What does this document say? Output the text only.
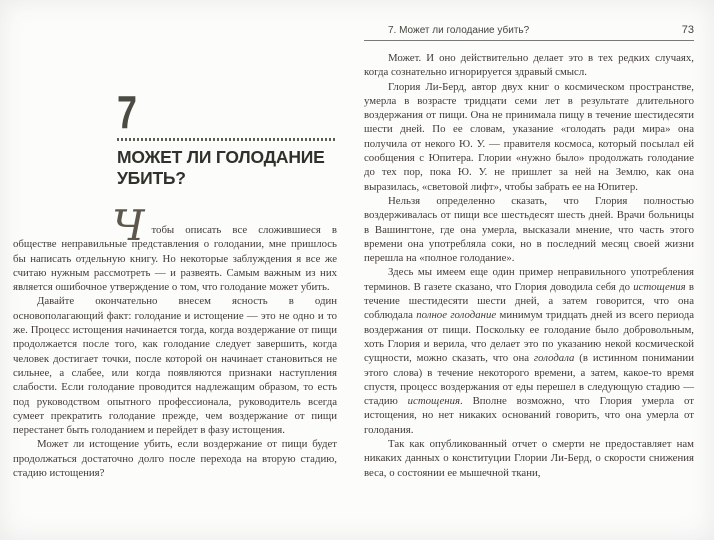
7
МОЖЕТ ЛИ ГОЛОДАНИЕ
УБИТЬ?

Чтобы описать все сложившиеся в обществе неправильные представления о голодании, мне пришлось бы написать отдельную книгу. Но некоторые заблуждения я все же считаю нужным рассмотреть — и развеять. Самым важным из них является ошибочное утверждение о том, что голодание может убить.

Давайте окончательно внесем ясность в один основополагающий факт: голодание и истощение — это не одно и то же. Процесс истощения начинается тогда, когда воздержание от пищи продолжается после того, как голодание следует завершить, когда человек достигает точки, после которой он начинает становиться не сильнее, а слабее, или когда появляются признаки наступления слабости. Если голодание проводится надлежащим образом, то есть под руководством опытного профессионала, руководитель всегда сумеет прекратить голодание прежде, чем воздержание от пищи перестанет быть голоданием и перейдет в фазу истощения.

Может ли истощение убить, если воздержание от пищи будет продолжаться достаточно долго после перехода на вторую стадию, стадию истощения?

7. Может ли голодание убить?	73

Может. И оно действительно делает это в тех редких случаях, когда сознательно игнорируется здравый смысл.

Глория Ли-Берд, автор двух книг о космическом пространстве, умерла в возрасте тридцати семи лет в результате длительного воздержания от пищи. Она не принимала пищу в течение шестидесяти шести дней. По ее словам, указание «голодать ради мира» она получила от некого Ю. У. — правителя космоса, который посылал ей сообщения с Юпитера. Глории «нужно было» продолжать голодание до тех пор, пока Ю. У. не пришлет за ней на Землю, как она выразилась, «световой лифт», чтобы забрать ее на Юпитер.

Нельзя определенно сказать, что Глория полностью воздерживалась от пищи все шестьдесят шесть дней. Врачи больницы в Вашингтоне, где она умерла, высказали мнение, что часть этого времени она употребляла соки, но в последний месяц своей жизни перешла на «полное голодание».

Здесь мы имеем еще один пример неправильного употребления терминов. В газете сказано, что Глория доводила себя до истощения в течение шестидесяти шести дней, а затем говорится, что она соблюдала полное голодание минимум тридцать дней из всего периода воздержания от пищи. Поскольку ее голодание было добровольным, хоть Глория и верила, что делает это по указанию некой космической сущности, можно сказать, что она голодала (в истинном понимании этого слова) в течение некоторого времени, а затем, какое-то время спустя, процесс воздержания от еды перешел в следующую стадию — стадию истощения. Вполне возможно, что Глория умерла от истощения, но нет никаких оснований говорить, что она умерла от голодания.

Так как опубликованный отчет о смерти не предоставляет нам никаких данных о конституции Глории Ли-Берд, о скорости снижения веса, о состоянии ее мышечной ткани,
